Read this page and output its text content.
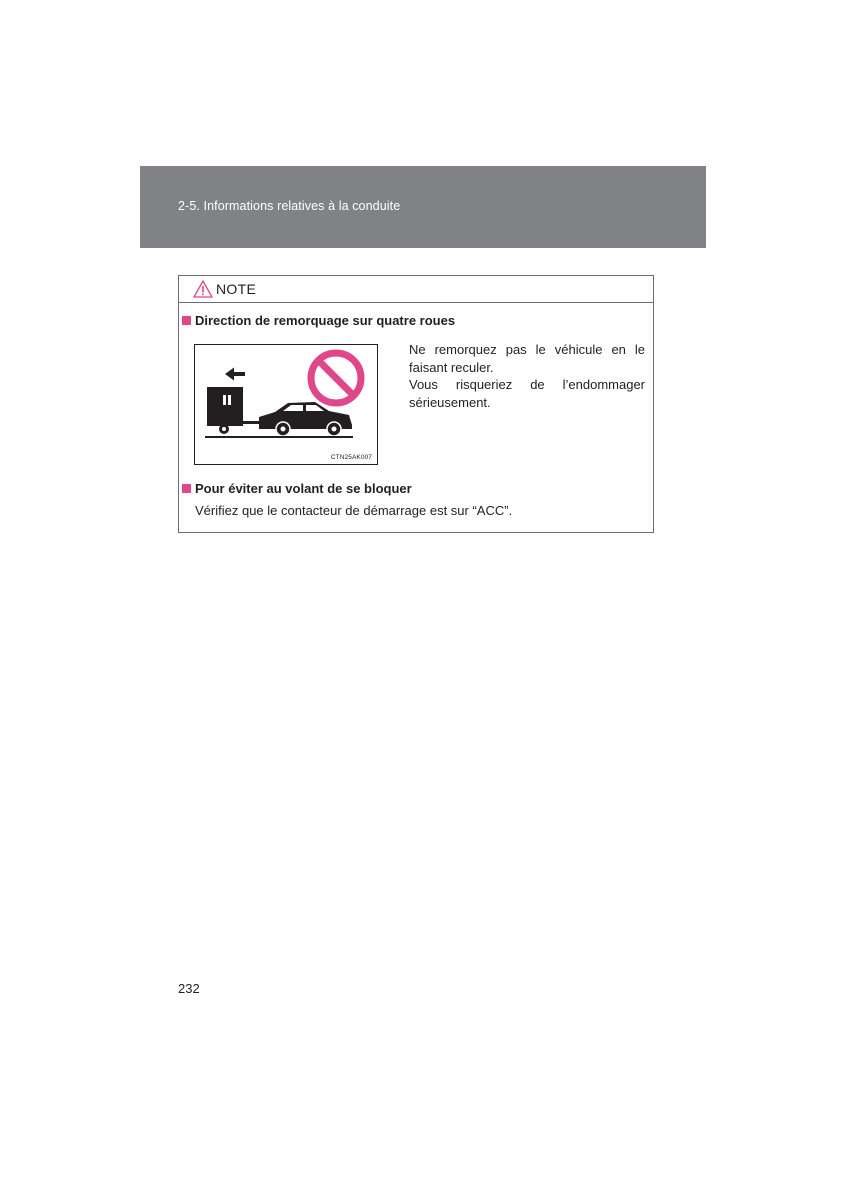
2-5. Informations relatives à la conduite
NOTE
Direction de remorquage sur quatre roues
CTN25AK007

Ne remorquez pas le véhicule en le faisant reculer.

Vous risqueriez de l’endommager sérieusement.

Pour éviter au volant de se bloquer
Vérifiez que le contacteur de démarrage est sur “ACC”.
232
